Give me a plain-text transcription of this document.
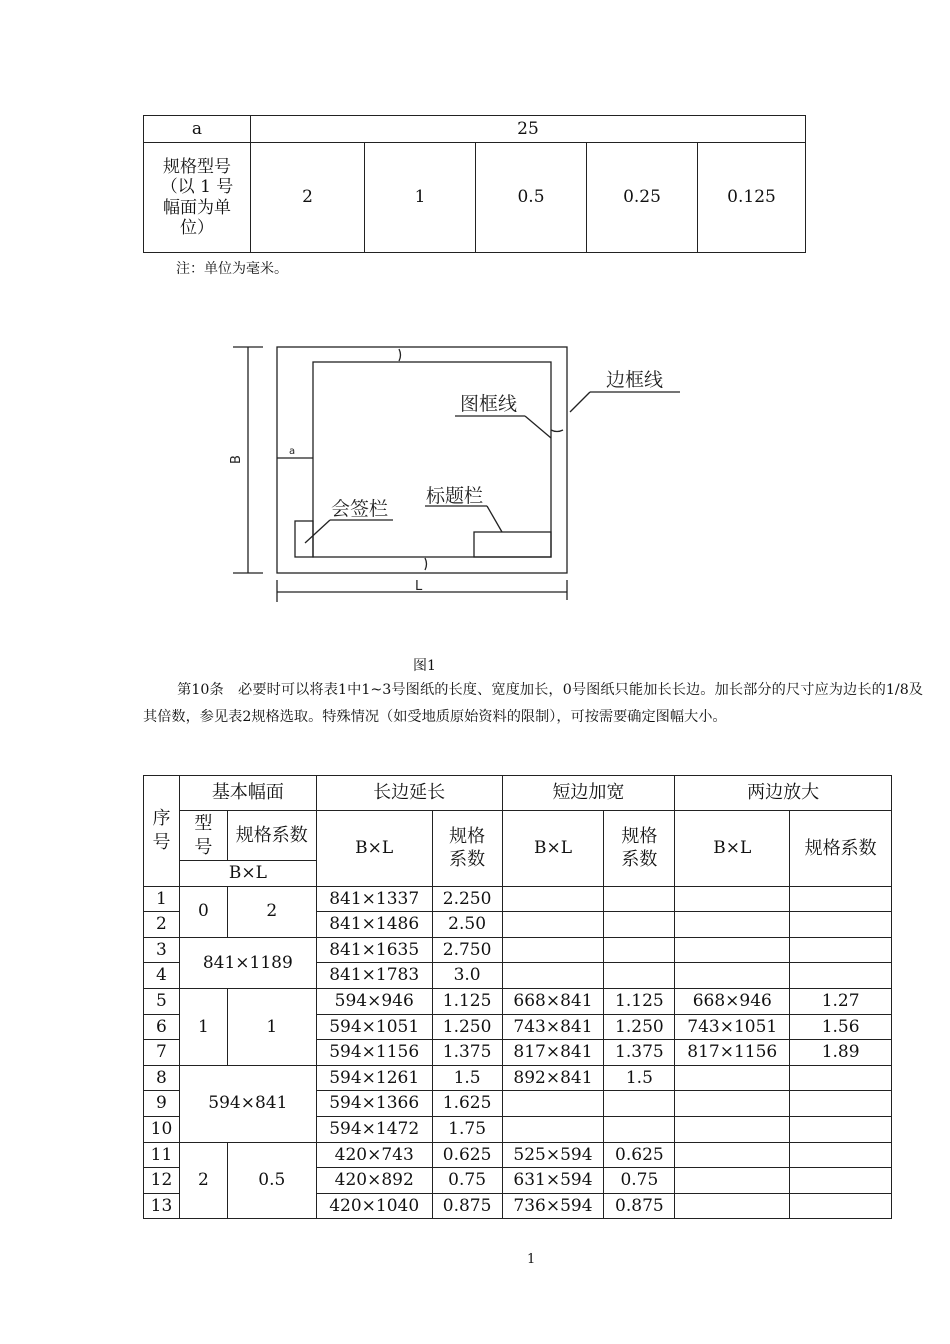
a	25				

规格型号
（以 1 号
幅面为单
位）	2	1	0.5	0.25	0.125
注：单位为毫米。
边框线
图框线
标题栏
会签栏
B
L
a
图1
第10条　必要时可以将表1中1~3号图纸的长度、宽度加长，0号图纸只能加长长边。加长部分的尺寸应为边长的1/8及其倍数，参见表2规格选取。特殊情况（如受地质原始资料的限制），可按需要确定图幅大小。
序号	基本幅面		长边延长		短边加宽		两边放大	

	型号	规格系数	B×L	规格系数	B×L	规格系数	B×L	规格系数
	B×L							
1	0	2	841×1337	2.250				
2			841×1486	2.50				
3	841×1189		841×1635	2.750				
4			841×1783	3.0				
5	1	1	594×946	1.125	668×841	1.125	668×946	1.27
6			594×1051	1.250	743×841	1.250	743×1051	1.56
7			594×1156	1.375	817×841	1.375	817×1156	1.89
8	594×841		594×1261	1.5	892×841	1.5		
9			594×1366	1.625				
10			594×1472	1.75				
11	2	0.5	420×743	0.625	525×594	0.625		
12			420×892	0.75	631×594	0.75		
13			420×1040	0.875	736×594	0.875		
1
